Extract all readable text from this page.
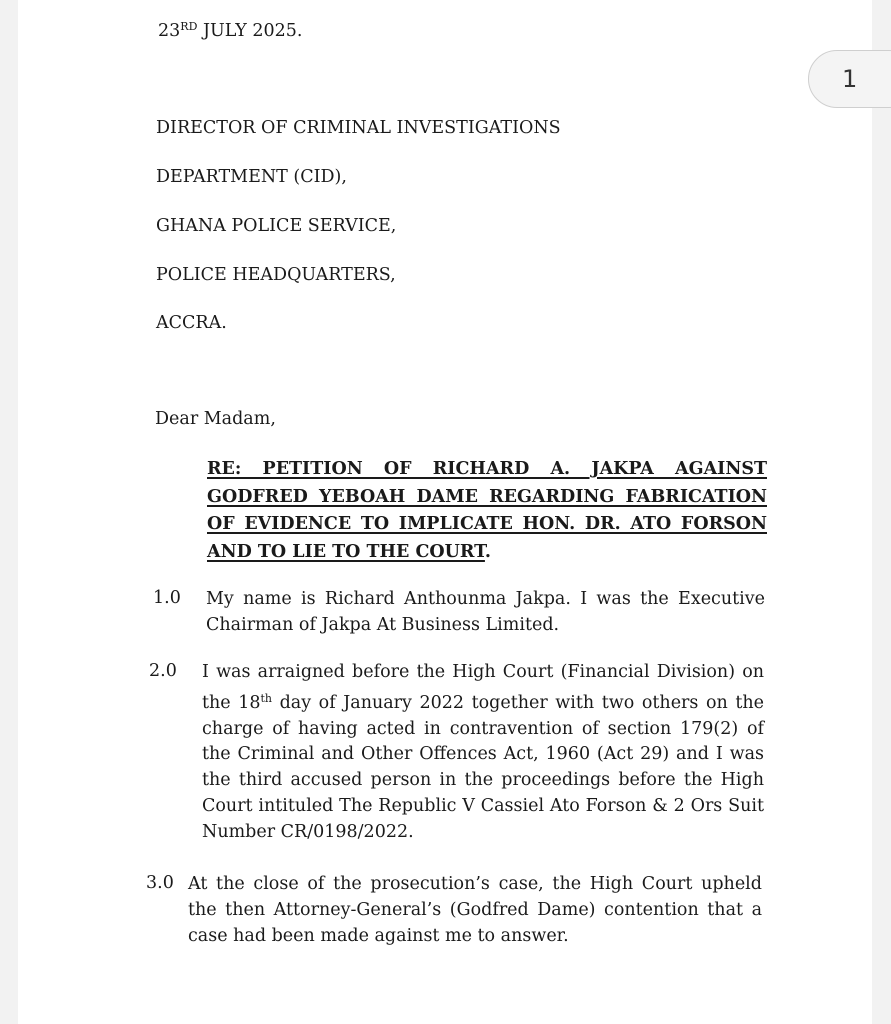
23RD JULY 2025.
DIRECTOR OF CRIMINAL INVESTIGATIONS
DEPARTMENT (CID),
GHANA POLICE SERVICE,
POLICE HEADQUARTERS,
ACCRA.
Dear Madam,
RE: PETITION OF RICHARD A. JAKPA AGAINST
GODFRED YEBOAH DAME REGARDING FABRICATION
OF EVIDENCE TO IMPLICATE HON. DR. ATO FORSON
AND TO LIE TO THE COURT.
1.0 My name is Richard Anthounma Jakpa. I was the Executive Chairman of Jakpa At Business Limited.
2.0 I was arraigned before the High Court (Financial Division) on the 18th day of January 2022 together with two others on the charge of having acted in contravention of section 179(2) of the Criminal and Other Offences Act, 1960 (Act 29) and I was the third accused person in the proceedings before the High Court intituled The Republic V Cassiel Ato Forson & 2 Ors Suit Number CR/0198/2022.
3.0 At the close of the prosecution’s case, the High Court upheld the then Attorney-General’s (Godfred Dame) contention that a case had been made against me to answer.
1
